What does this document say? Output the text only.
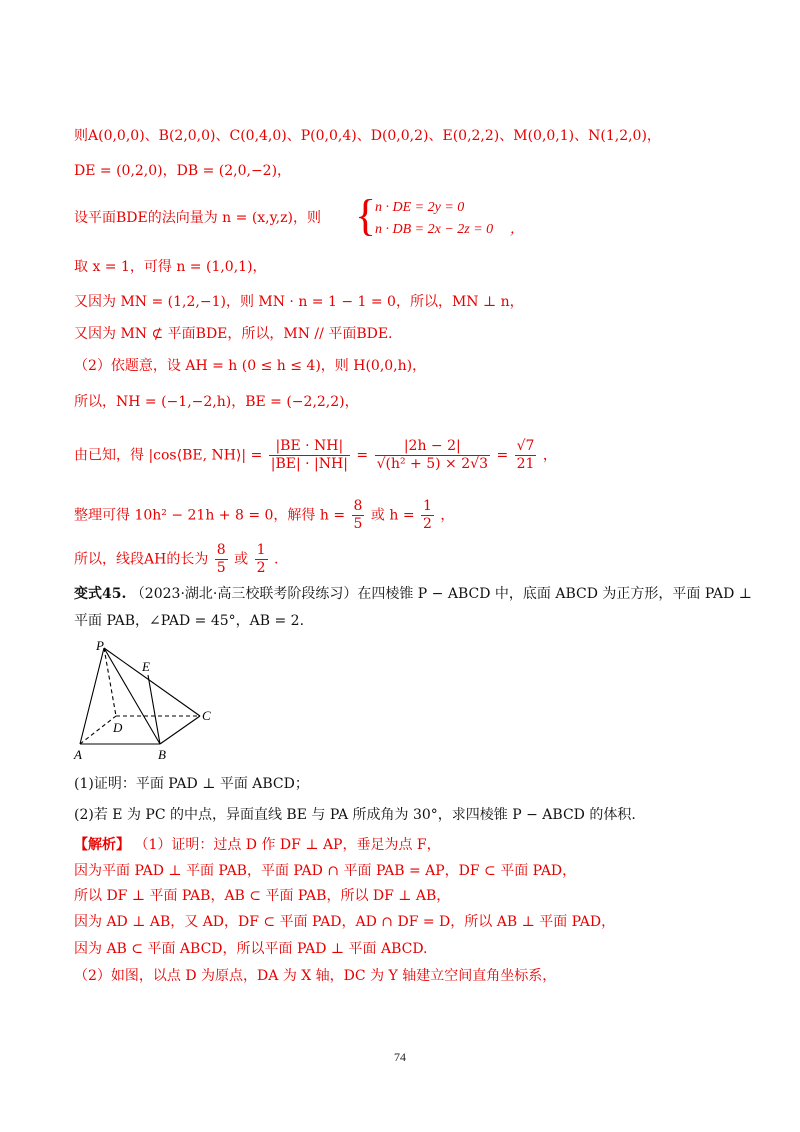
则A(0,0,0)、B(2,0,0)、C(0,4,0)、P(0,0,4)、D(0,0,2)、E(0,2,2)、M(0,0,1)、N(1,2,0)，
DE = (0,2,0)，DB = (2,0,−2)，
设平面BDE的法向量为 n = (x,y,z)，则 {
n · DE = 2y = 0
n · DB = 2x − 2z = 0 ，
取 x = 1，可得 n = (1,0,1)，
又因为 MN = (1,2,−1)，则 MN · n = 1 − 1 = 0，所以，MN ⊥ n，
又因为 MN ⊄ 平面BDE，所以，MN // 平面BDE.
（2）依题意，设 AH = h (0 ≤ h ≤ 4)，则 H(0,0,h)，
所以，NH = (−1,−2,h)，BE = (−2,2,2)，
由已知，得 |cos⟨BE, NH⟩| = $\frac{|BE \cdot NH|}{|BE| \cdot |NH|} = \frac{|2h - 2|}{\text{√(h² + 5) × 2√3}} = \frac{√7}{21}$ ，
整理可得 10h² − 21h + 8 = 0，解得 $h = \frac{8}{5}$ 或 $h = \frac{1}{2}$ ，
所以，线段AH的长为 $\frac{8}{5}$ 或 $\frac{1}{2}$ .
变式45. （2023·湖北·高三校联考阶段练习）在四棱锥 P − ABCD 中，底面 ABCD 为正方形，平面 PAD ⊥
平面 PAB，∠PAD = 45°，AB = 2.
P
E
D
C
A	B
(1)证明：平面 PAD ⊥ 平面 ABCD；
(2)若 E 为 PC 的中点，异面直线 BE 与 PA 所成角为 30°，求四棱锥 P − ABCD 的体积.
【解析】 （1）证明：过点 D 作 DF ⊥ AP，垂足为点 F，
因为平面 PAD ⊥ 平面 PAB，平面 PAD ∩ 平面 PAB = AP，DF ⊂ 平面 PAD，
所以 DF ⊥ 平面 PAB，AB ⊂ 平面 PAB，所以 DF ⊥ AB，
因为 AD ⊥ AB，又 AD，DF ⊂ 平面 PAD，AD ∩ DF = D，所以 AB ⊥ 平面 PAD，
因为 AB ⊂ 平面 ABCD，所以平面 PAD ⊥ 平面 ABCD.
（2）如图，以点 D 为原点，DA 为 X 轴，DC 为 Y 轴建立空间直角坐标系，
74
